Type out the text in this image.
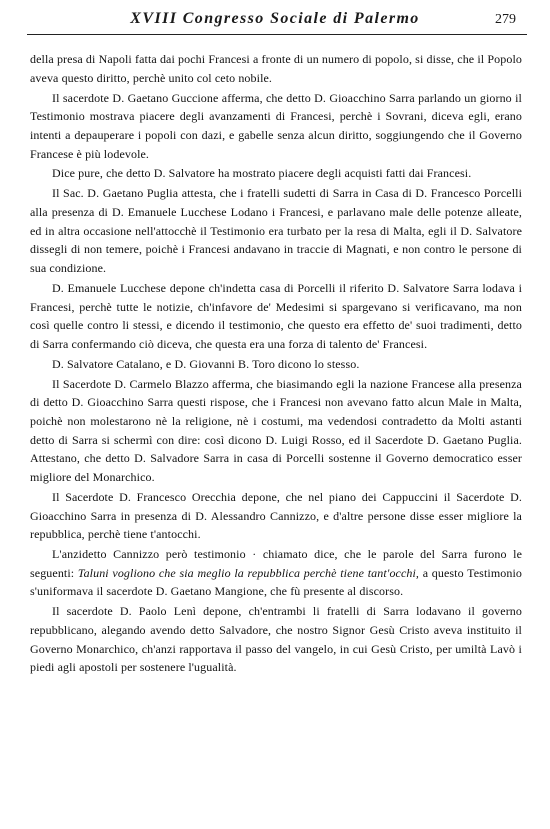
XVIII Congresso Sociale di Palermo	279

della presa di Napoli fatta dai pochi Francesi a fronte di un numero di popolo, si disse, che il Popolo aveva questo diritto, perchè unito col ceto nobile.

Il sacerdote D. Gaetano Guccione afferma, che detto D. Gioacchino Sarra parlando un giorno il Testimonio mostrava piacere degli avanzamenti di Francesi, perchè i Sovrani, diceva egli, erano intenti a depauperare i popoli con dazi, e gabelle senza alcun diritto, soggiungendo che il Governo Francese è più lodevole.

Dice pure, che detto D. Salvatore ha mostrato piacere degli acquisti fatti dai Francesi.

Il Sac. D. Gaetano Puglia attesta, che i fratelli sudetti di Sarra in Casa di D. Francesco Porcelli alla presenza di D. Emanuele Lucchese Lodano i Francesi, e parlavano male delle potenze alleate, ed in altra occasione nell'attocchè il Testimonio era turbato per la resa di Malta, egli il D. Salvatore dissegli di non temere, poichè i Francesi andavano in traccie di Magnati, e non contro le persone di sua condizione.

D. Emanuele Lucchese depone ch'indetta casa di Porcelli il riferito D. Salvatore Sarra lodava i Francesi, perchè tutte le notizie, ch'infavore de' Medesimi si spargevano si verificavano, ma non così quelle contro li stessi, e dicendo il testimonio, che questo era effetto de' suoi tradimenti, detto di Sarra confermando ciò diceva, che questa era una forza di talento de' Francesi.

D. Salvatore Catalano, e D. Giovanni B. Toro dicono lo stesso.

Il Sacerdote D. Carmelo Blazzo afferma, che biasimando egli la nazione Francese alla presenza di detto D. Gioacchino Sarra questi rispose, che i Francesi non avevano fatto alcun Male in Malta, poichè non molestarono nè la religione, nè i costumi, ma vedendosi contradetto da Molti astanti detto di Sarra si schermì con dire: così dicono D. Luigi Rosso, ed il Sacerdote D. Gaetano Puglia. Attestano, che detto D. Salvadore Sarra in casa di Porcelli sostenne il Governo democratico esser migliore del Monarchico.

Il Sacerdote D. Francesco Orecchia depone, che nel piano dei Cappuccini il Sacerdote D. Gioacchino Sarra in presenza di D. Alessandro Cannizzo, e d'altre persone disse esser migliore la repubblica, perchè tiene t'antocchi.

L'anzidetto Cannizzo però testimonio · chiamato dice, che le parole del Sarra furono le seguenti: Taluni vogliono che sia meglio la repubblica perchè tiene tant'occhi, a questo Testimonio s'uniformava il sacerdote D. Gaetano Mangione, che fù presente al discorso.

Il sacerdote D. Paolo Lenì depone, ch'entrambi li fratelli di Sarra lodavano il governo repubblicano, alegando avendo detto Salvadore, che nostro Signor Gesù Cristo aveva instituito il Governo Monarchico, ch'anzi rapportava il passo del vangelo, in cui Gesù Cristo, per umiltà Lavò i piedi agli apostoli per sostenere l'ugualità.
